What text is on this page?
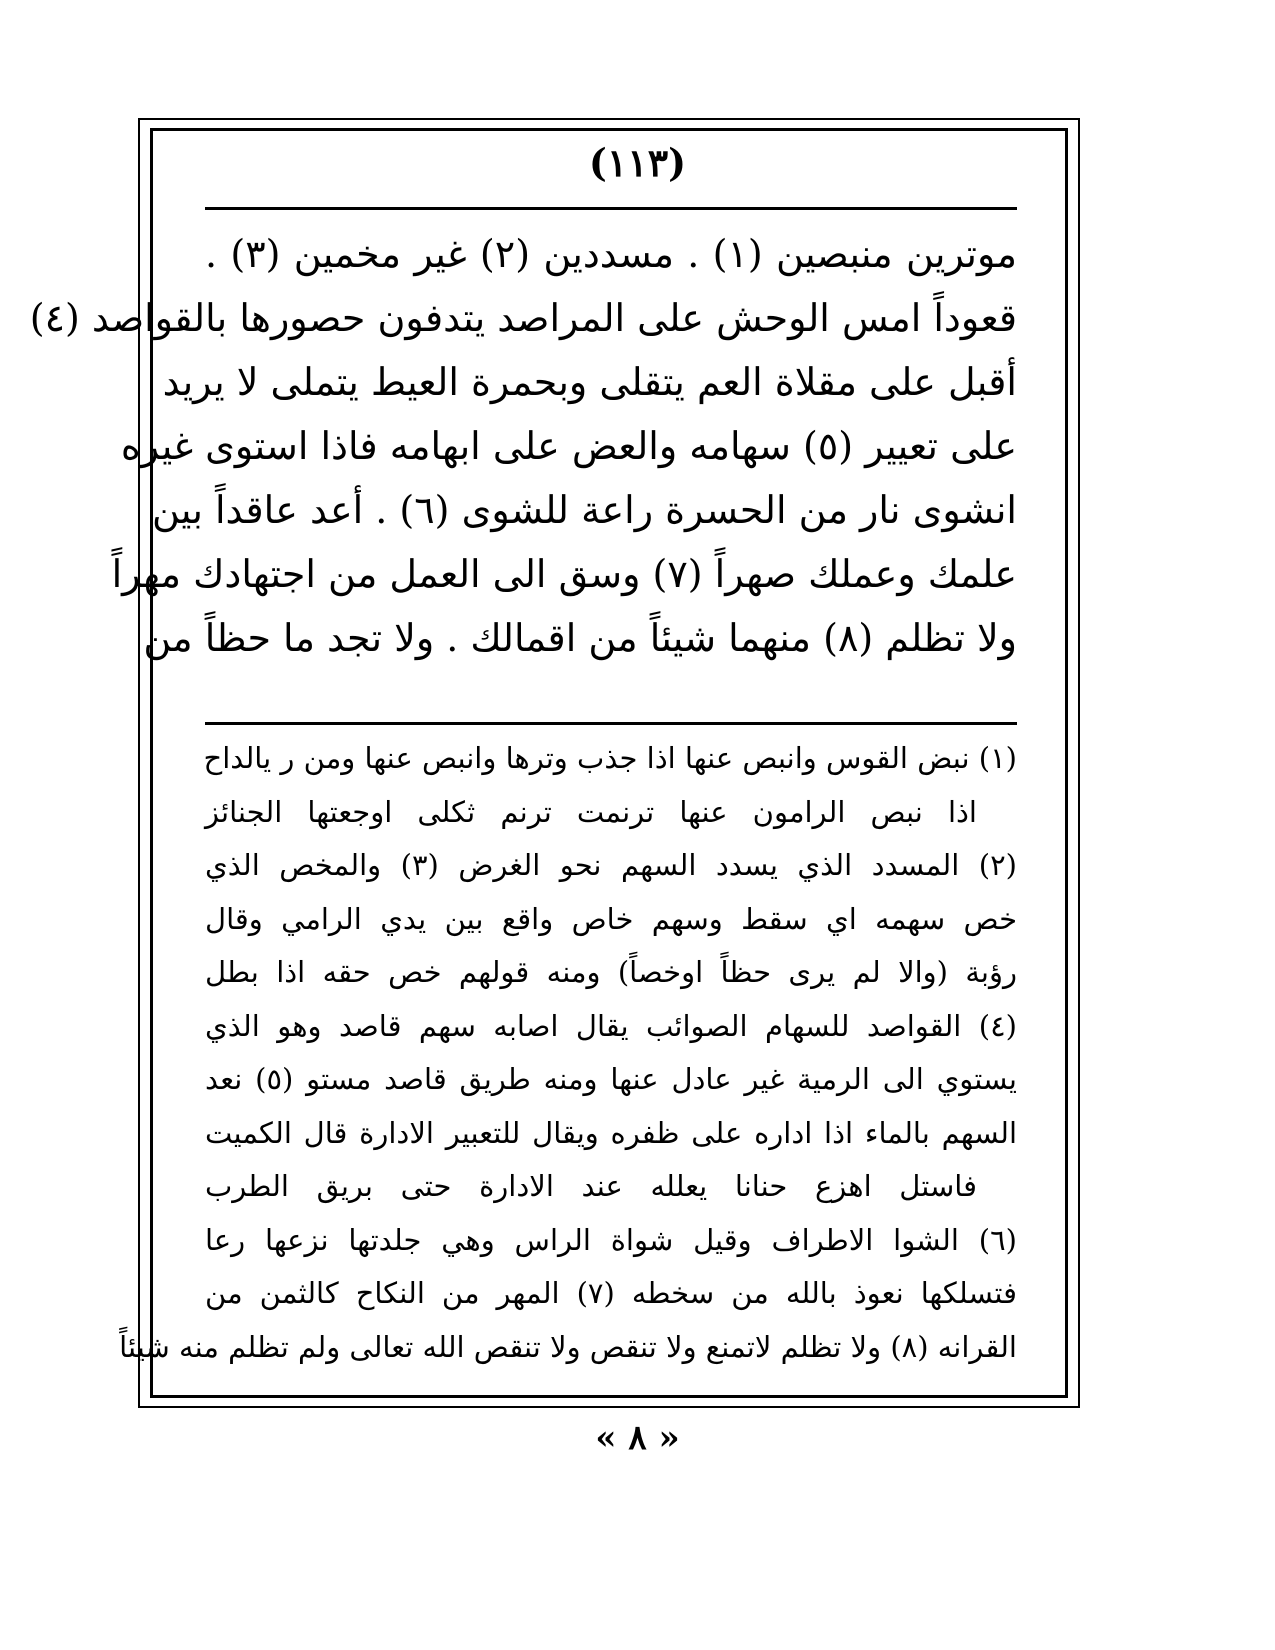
(١١٣)
موترين منبصين (١) . مسددين (٢) غير مخمين (٣) .
قعوداً امس الوحش على المراصد يتدفون حصورها بالقواصد (٤)
أقبل على مقلاة العم يتقلى وبحمرة العيط يتملى لا يريد
على تعيير (٥) سهامه والعض على ابهامه فاذا استوى غيره
انشوى نار من الحسرة راعة للشوى (٦) . أعد عاقداً بين
علمك وعملك صهراً (٧) وسق الى العمل من اجتهادك مهراً
ولا تظلم (٨) منهما شيئاً من اقمالك . ولا تجد ما حظاً من
(١) نبض القوس وانبص عنها اذا جذب وترها وانبص عنها ومن ر يالداح
اذا نبص الرامون عنها ترنمت ترنم ثكلى اوجعتها الجنائز
(٢) المسدد الذي يسدد السهم نحو الغرض (٣) والمخص الذي
خص سهمه اي سقط وسهم خاص واقع بين يدي الرامي وقال
رؤبة (والا لم يرى حظاً اوخصاً) ومنه قولهم خص حقه اذا بطل
(٤) القواصد للسهام الصوائب يقال اصابه سهم قاصد وهو الذي
يستوي الى الرمية غير عادل عنها ومنه طريق قاصد مستو (٥) نعد
السهم بالماء اذا اداره على ظفره ويقال للتعبير الادارة قال الكميت
فاستل اهزع حنانا يعلله عند الادارة حتى بريق الطرب
(٦) الشوا الاطراف وقيل شواة الراس وهي جلدتها نزعها رعا
فتسلكها نعوذ بالله من سخطه (٧) المهر من النكاح كالثمن من
القرانه (٨) ولا تظلم لاتمنع ولا تنقص ولا تنقص الله تعالى ولم تظلم منه شيئاً
« ٨ »
